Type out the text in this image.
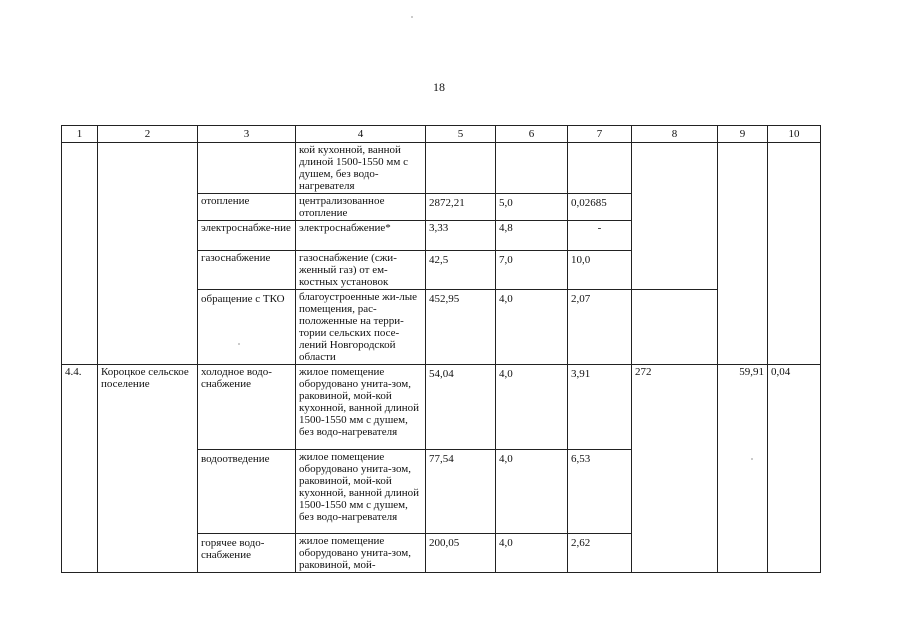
18
1	2	3	4	5	6	7	8	9	10
			кой кухонной, ванной длиной 1500-1550 мм с душем, без водо-нагревателя						
		отопление	централизованное отопление	2872,21	5,0	0,02685			
		электроснабже-ние	электроснабжение*	3,33	4,8	-			

		газоснабжение	газоснабжение (сжи-женный газ) от ем-костных установок	42,5	7,0	10,0			
		обращение с ТКО	благоустроенные жи-лые помещения, рас-положенные на терри-тории сельских посе-лений Новгородской области	452,95	4,0	2,07			
4.4.	Короцкое сельское поселение	холодное водо-снабжение	жилое помещение оборудовано унита-зом, раковиной, мой-кой кухонной, ванной длиной 1500-1550 мм с душем, без водо-нагревателя	54,04	4,0	3,91	272	59,91	0,04
		водоотведение	жилое помещение оборудовано унита-зом, раковиной, мой-кой кухонной, ванной длиной 1500-1550 мм с душем, без водо-нагревателя	77,54	4,0	6,53			
		горячее водо-снабжение	жилое помещение оборудовано унита-зом, раковиной, мой-	200,05	4,0	2,62			
